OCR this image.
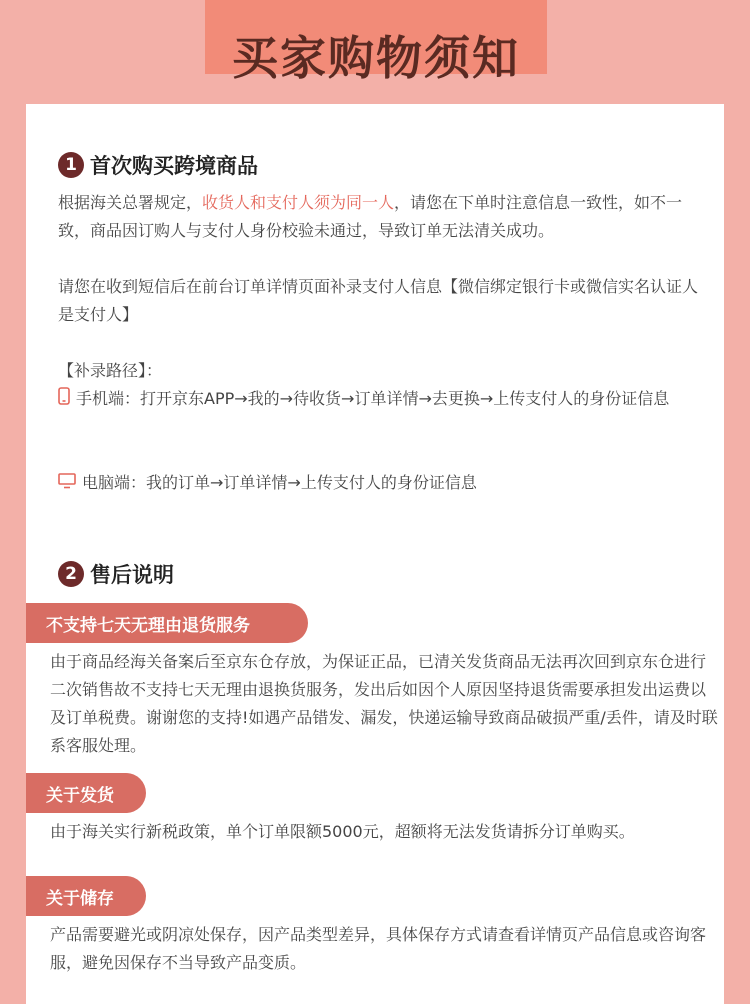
买家购物须知
1 首次购买跨境商品
根据海关总署规定，收货人和支付人须为同一人，请您在下单时注意信息一致性，如不一致，商品因订购人与支付人身份校验未通过，导致订单无法清关成功。
请您在收到短信后在前台订单详情页面补录支付人信息【微信绑定银行卡或微信实名认证人是支付人】
【补录路径】：
手机端：打开京东APP→我的→待收货→订单详情→去更换→上传支付人的身份证信息
电脑端：我的订单→订单详情→上传支付人的身份证信息
2 售后说明
不支持七天无理由退货服务
由于商品经海关备案后至京东仓存放，为保证正品，已清关发货商品无法再次回到京东仓进行二次销售故不支持七天无理由退换货服务，发出后如因个人原因坚持退货需要承担发出运费以及订单税费。谢谢您的支持!如遇产品错发、漏发，快递运输导致商品破损严重/丢件，请及时联系客服处理。
关于发货
由于海关实行新税政策，单个订单限额5000元，超额将无法发货请拆分订单购买。
关于储存
产品需要避光或阴凉处保存，因产品类型差异，具体保存方式请查看详情页产品信息或咨询客服，避免因保存不当导致产品变质。
